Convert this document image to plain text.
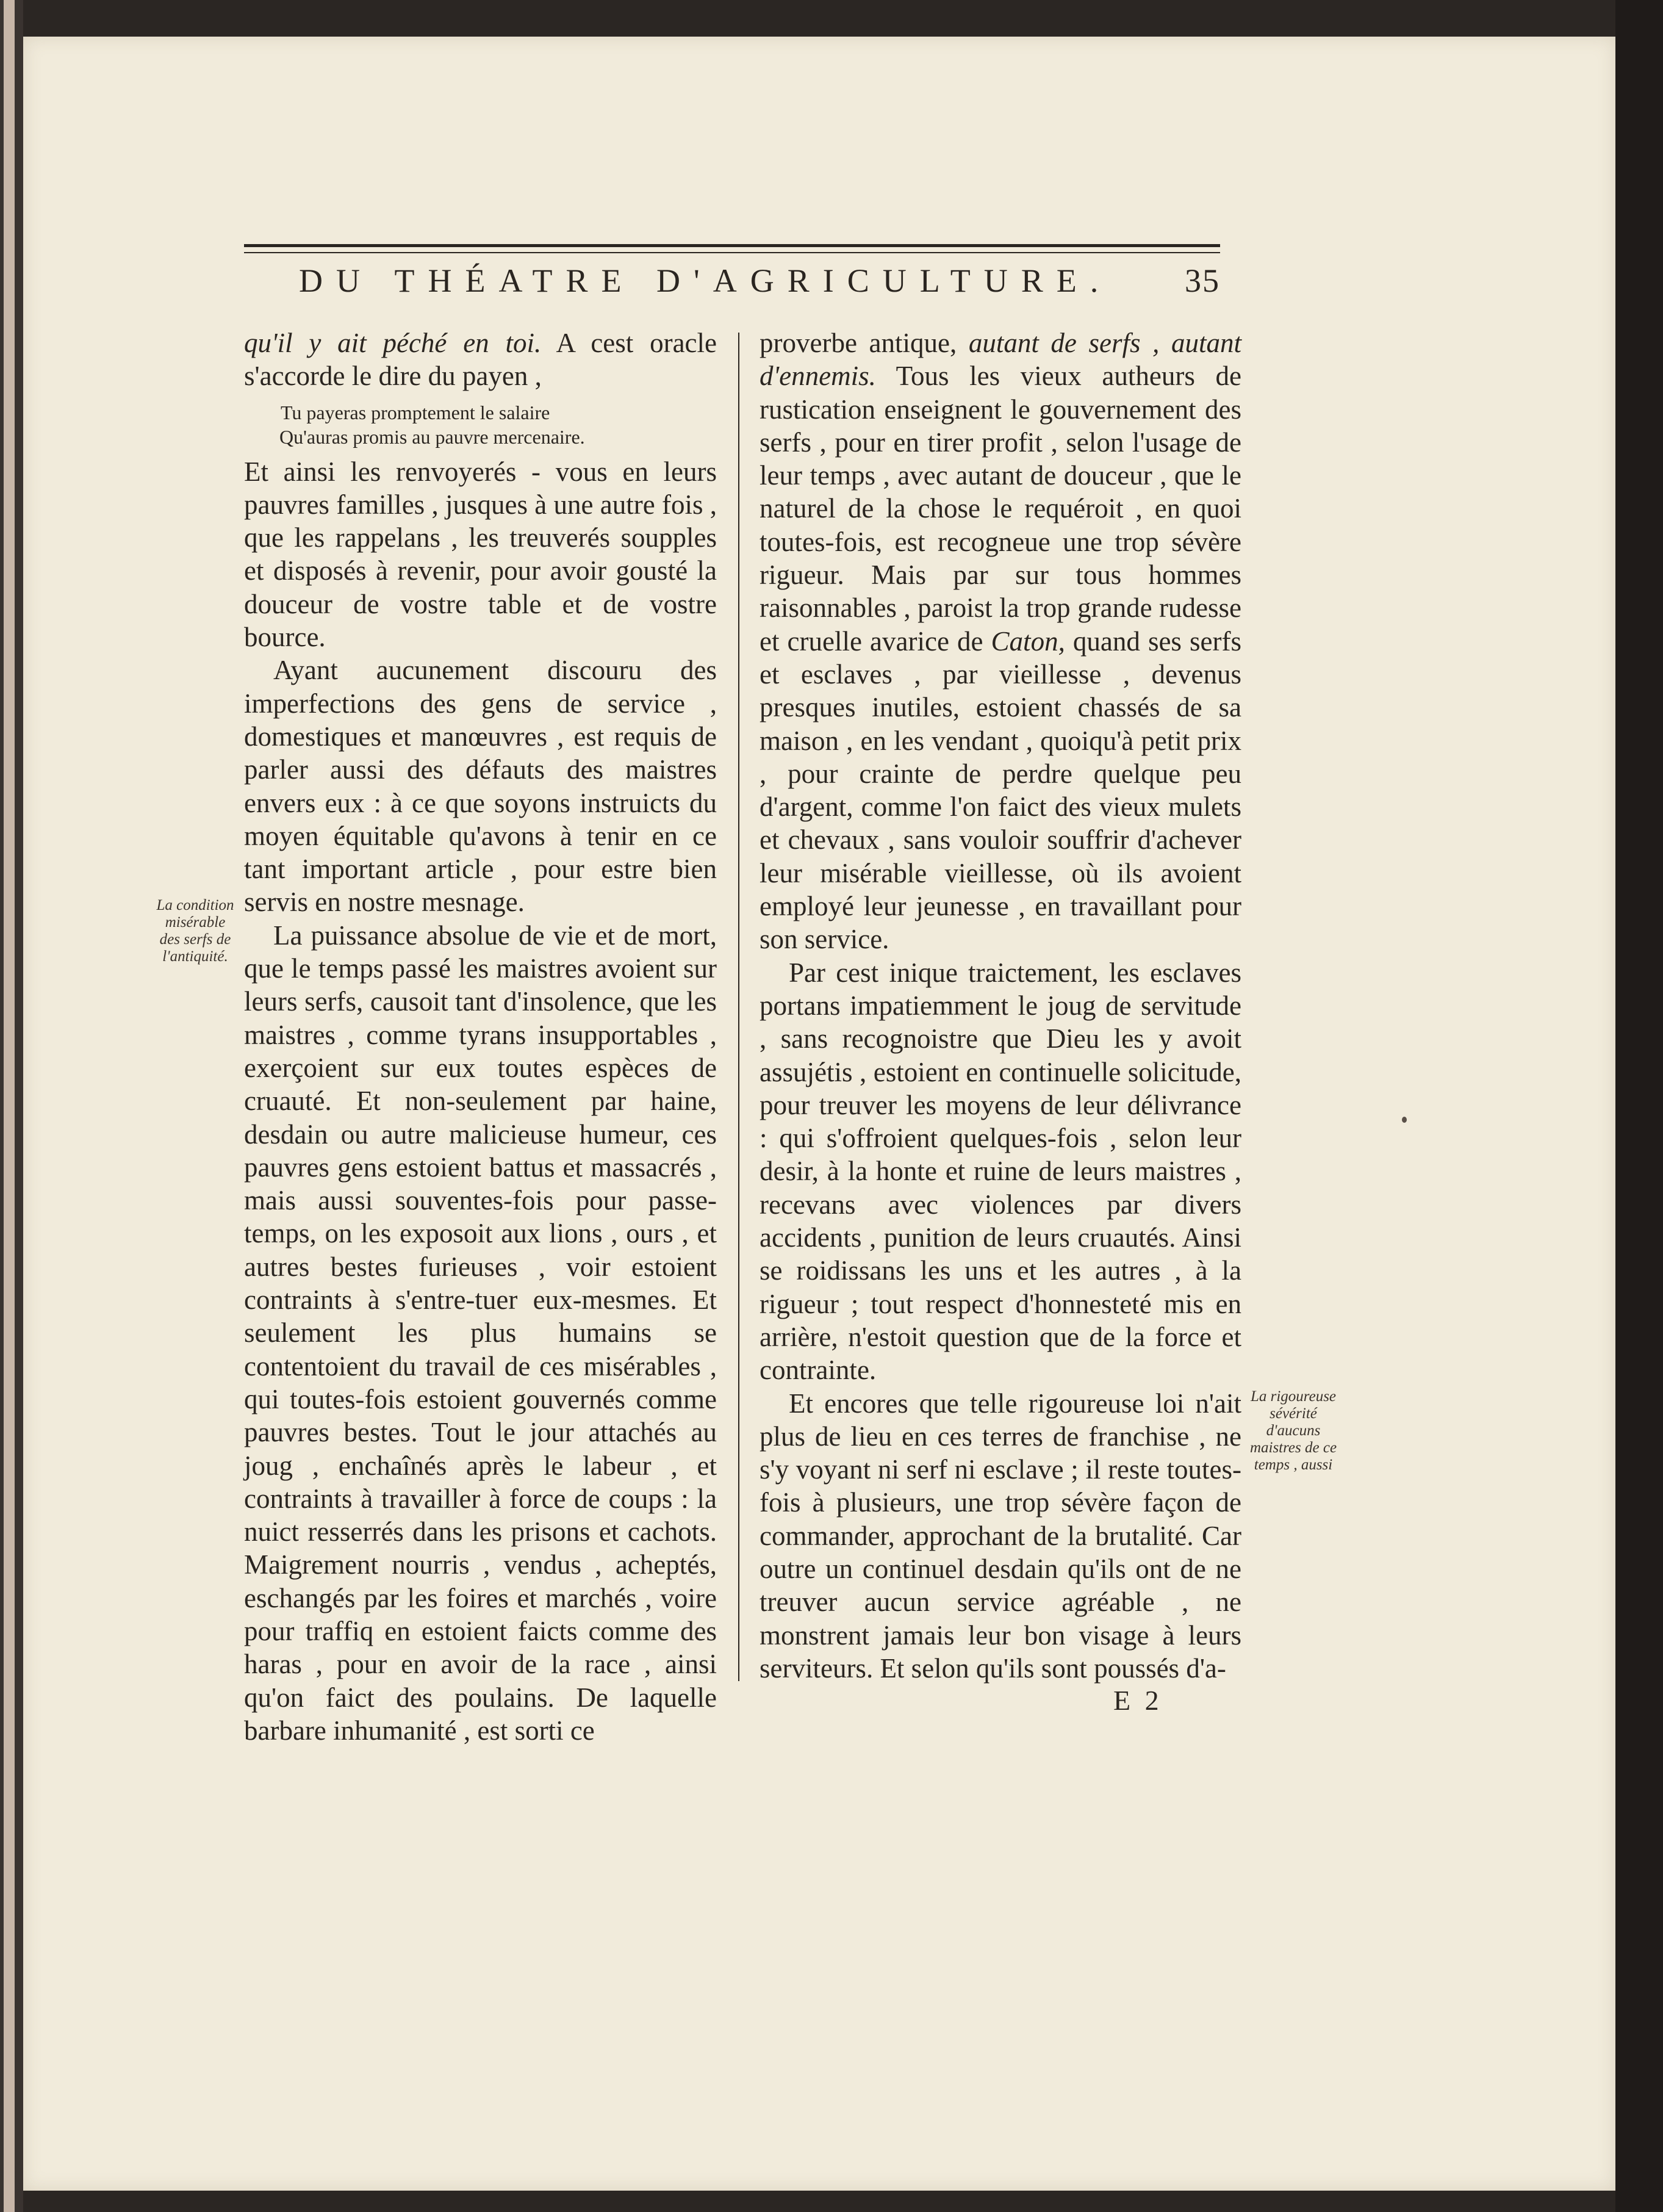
DU THÉATRE D'AGRICULTURE. 35

qu'il y ait péché en toi. A cest oracle s'accorde le dire du payen ,

Tu payeras promptement le salaire
Qu'auras promis au pauvre mercenaire.

Et ainsi les renvoyerés - vous en leurs pauvres familles , jusques à une autre fois , que les rappelans , les treuverés soupples et disposés à revenir, pour avoir gousté la douceur de vostre table et de vostre bource.

Ayant aucunement discouru des imperfections des gens de service , domestiques et manœuvres , est requis de parler aussi des défauts des maistres envers eux : à ce que soyons instruicts du moyen équitable qu'avons à tenir en ce tant important article , pour estre bien servis en nostre mesnage.

La puissance absolue de vie et de mort, que le temps passé les maistres avoient sur leurs serfs, causoit tant d'insolence, que les maistres , comme tyrans insupportables , exerçoient sur eux toutes espèces de cruauté. Et non-seulement par haine, desdain ou autre malicieuse humeur, ces pauvres gens estoient battus et massacrés , mais aussi souventes-fois pour passe-temps, on les exposoit aux lions , ours , et autres bestes furieuses , voir estoient contraints à s'entre-tuer eux-mesmes. Et seulement les plus humains se contentoient du travail de ces misérables , qui toutes-fois estoient gouvernés comme pauvres bestes. Tout le jour attachés au joug , enchaînés après le labeur , et contraints à travailler à force de coups : la nuict resserrés dans les prisons et cachots. Maigrement nourris , vendus , acheptés, eschangés par les foires et marchés , voire pour traffiq en estoient faicts comme des haras , pour en avoir de la race , ainsi qu'on faict des poulains. De laquelle barbare inhumanité , est sorti ce

proverbe antique, autant de serfs , autant d'ennemis. Tous les vieux autheurs de rustication enseignent le gouvernement des serfs , pour en tirer profit , selon l'usage de leur temps , avec autant de douceur , que le naturel de la chose le requéroit , en quoi toutes-fois, est recogneue une trop sévère rigueur. Mais par sur tous hommes raisonnables , paroist la trop grande rudesse et cruelle avarice de Caton, quand ses serfs et esclaves , par vieillesse , devenus presques inutiles, estoient chassés de sa maison , en les vendant , quoiqu'à petit prix , pour crainte de perdre quelque peu d'argent, comme l'on faict des vieux mulets et chevaux , sans vouloir souffrir d'achever leur misérable vieillesse, où ils avoient employé leur jeunesse , en travaillant pour son service.

Par cest inique traictement, les esclaves portans impatiemment le joug de servitude , sans recognoistre que Dieu les y avoit assujétis , estoient en continuelle solicitude, pour treuver les moyens de leur délivrance : qui s'offroient quelques-fois , selon leur desir, à la honte et ruine de leurs maistres , recevans avec violences par divers accidents , punition de leurs cruautés. Ainsi se roidissans les uns et les autres , à la rigueur ; tout respect d'honnesteté mis en arrière, n'estoit question que de la force et contrainte.

Et encores que telle rigoureuse loi n'ait plus de lieu en ces terres de franchise , ne s'y voyant ni serf ni esclave ; il reste toutes-fois à plusieurs, une trop sévère façon de commander, approchant de la brutalité. Car outre un continuel desdain qu'ils ont de ne treuver aucun service agréable , ne monstrent jamais leur bon visage à leurs serviteurs. Et selon qu'ils sont poussés d'a-

La condition misérable des serfs de l'antiquité.
La rigoureuse sévérité d'aucuns maistres de ce temps , aussi
E 2
